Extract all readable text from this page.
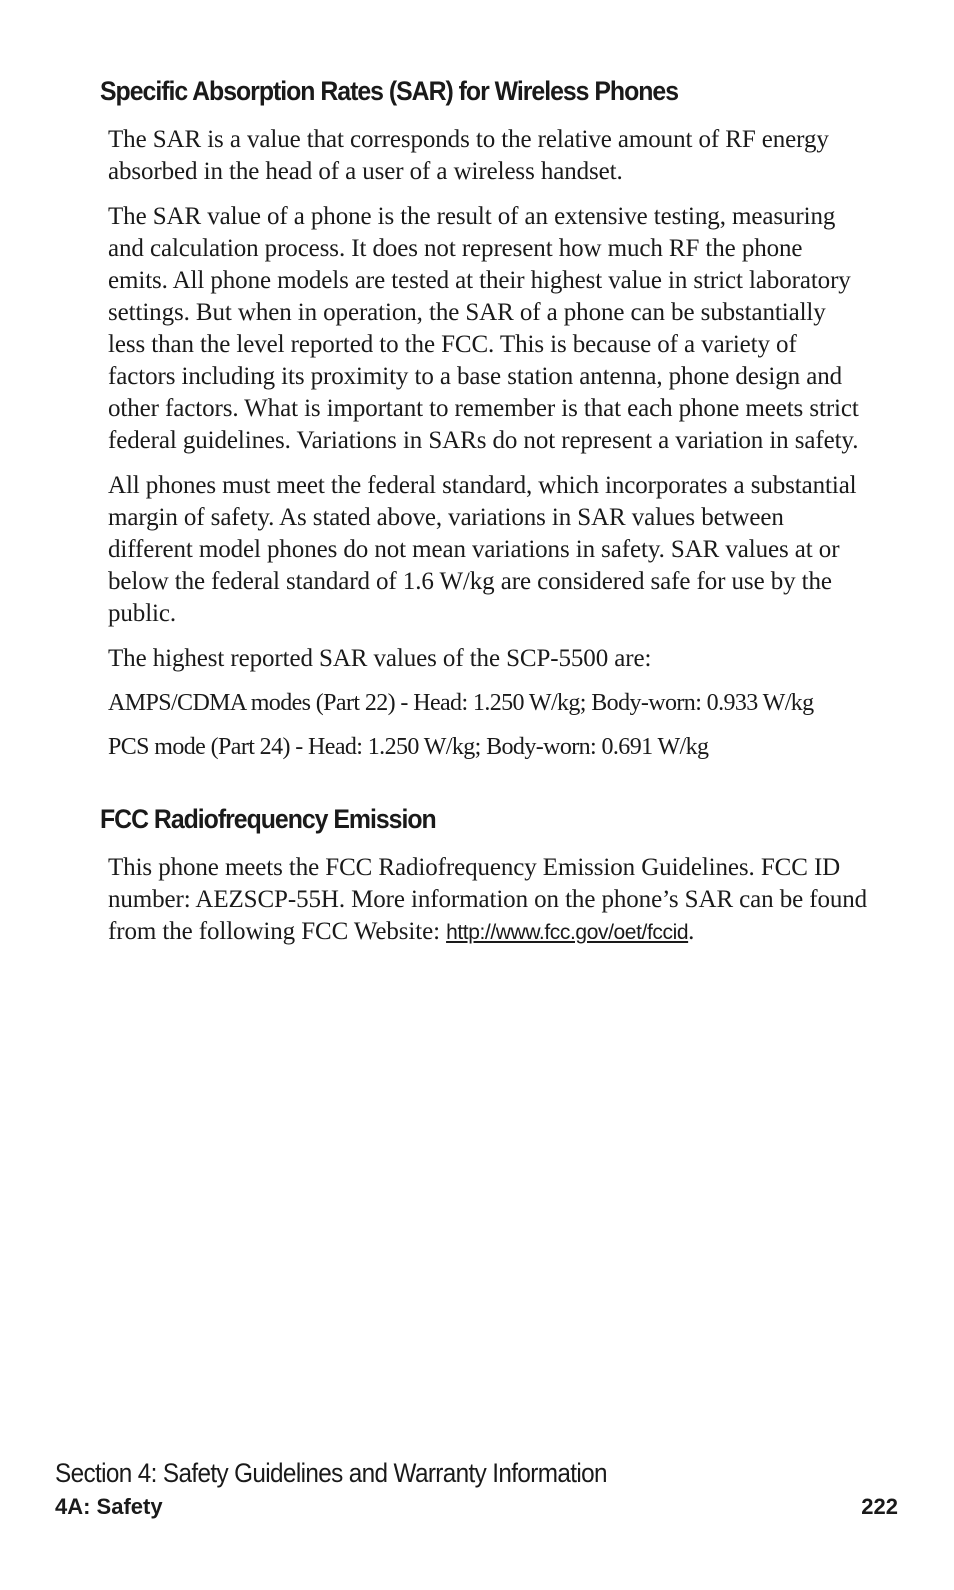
Specific Absorption Rates (SAR) for Wireless Phones

The SAR is a value that corresponds to the relative amount of RF energy absorbed in the head of a user of a wireless handset.

The SAR value of a phone is the result of an extensive testing, measuring and calculation process. It does not represent how much RF the phone emits. All phone models are tested at their highest value in strict laboratory settings. But when in operation, the SAR of a phone can be substantially less than the level reported to the FCC. This is because of a variety of factors including its proximity to a base station antenna, phone design and other factors. What is important to remember is that each phone meets strict federal guidelines. Variations in SARs do not represent a variation in safety.

All phones must meet the federal standard, which incorporates a substantial margin of safety. As stated above, variations in SAR values between different model phones do not mean variations in safety. SAR values at or below the federal standard of 1.6 W/kg are considered safe for use by the public.

The highest reported SAR values of the SCP-5500 are:

AMPS/CDMA modes (Part 22) - Head: 1.250 W/kg; Body-worn: 0.933 W/kg

PCS mode (Part 24) - Head: 1.250 W/kg; Body-worn: 0.691 W/kg

FCC Radiofrequency Emission

This phone meets the FCC Radiofrequency Emission Guidelines. FCC ID number: AEZSCP-55H. More information on the phone’s SAR can be found from the following FCC Website: http://www.fcc.gov/oet/fccid.

Section 4: Safety Guidelines and Warranty Information
4A: Safety	222
